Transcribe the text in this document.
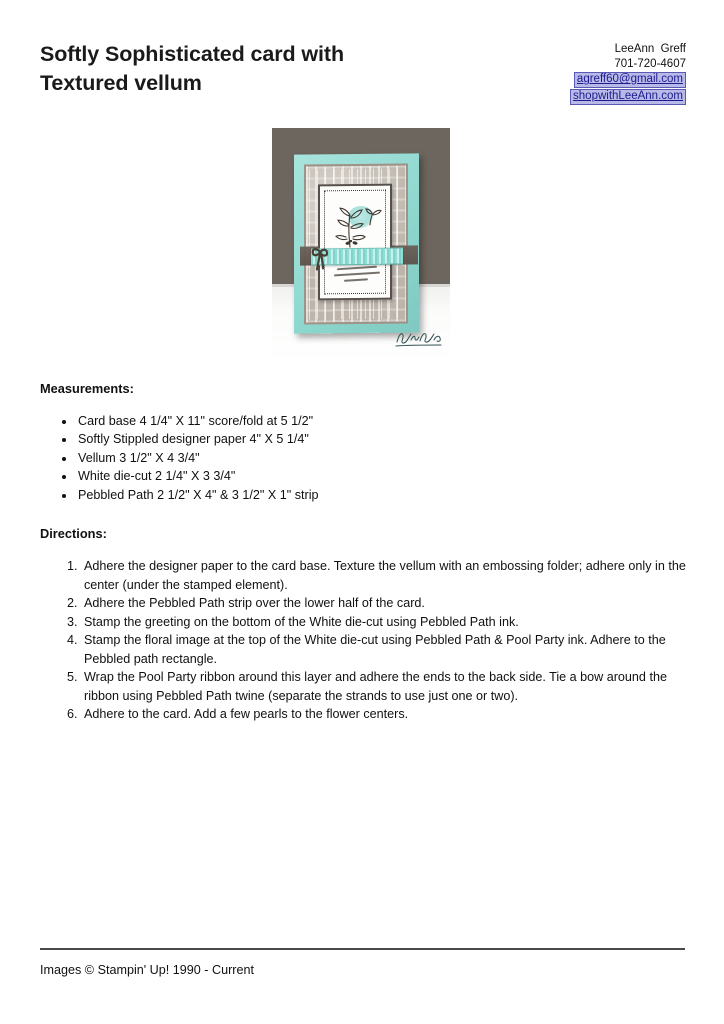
Softly Sophisticated card with
Textured vellum
LeeAnn  Greff
701-720-4607
agreff60@gmail.com
shopwithLeeAnn.com
Measurements:
• Card base 4 1/4" X 11" score/fold at 5 1/2"
• Softly Stippled designer paper 4" X 5 1/4"
• Vellum 3 1/2" X 4 3/4"
• White die-cut 2 1/4" X 3 3/4"
• Pebbled Path 2 1/2" X 4" & 3 1/2" X 1" strip
Directions:
1. Adhere the designer paper to the card base. Texture the vellum with an embossing folder; adhere only in the center (under the stamped element).
2. Adhere the Pebbled Path strip over the lower half of the card.
3. Stamp the greeting on the bottom of the White die-cut using Pebbled Path ink.
4. Stamp the floral image at the top of the White die-cut using Pebbled Path & Pool Party ink. Adhere to the Pebbled path rectangle.
5. Wrap the Pool Party ribbon around this layer and adhere the ends to the back side. Tie a bow around the ribbon using Pebbled Path twine (separate the strands to use just one or two).
6. Adhere to the card. Add a few pearls to the flower centers.
Images © Stampin' Up! 1990 - Current
